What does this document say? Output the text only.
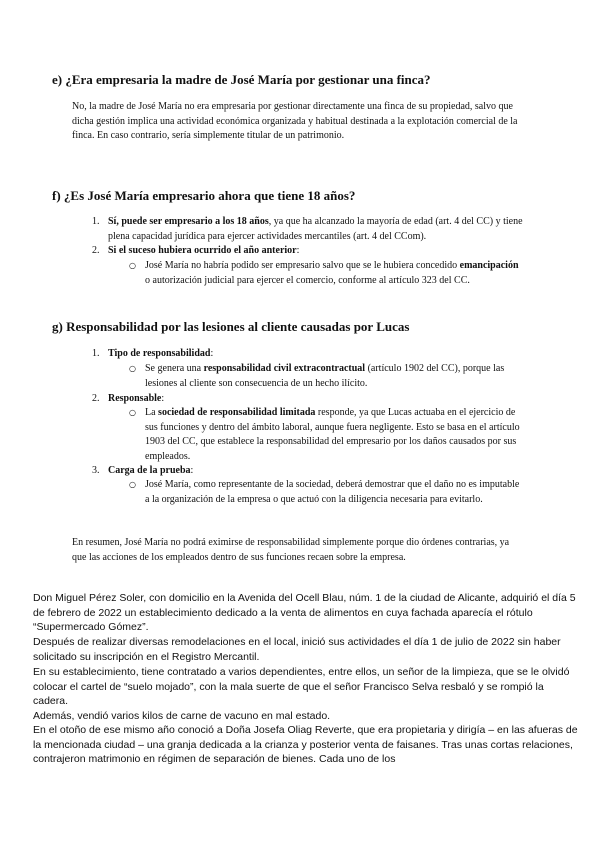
e) ¿Era empresaria la madre de José María por gestionar una finca?

No, la madre de José María no era empresaria por gestionar directamente una finca de su propiedad, salvo que dicha gestión implica una actividad económica organizada y habitual destinada a la explotación comercial de la finca. En caso contrario, sería simplemente titular de un patrimonio.

f) ¿Es José María empresario ahora que tiene 18 años?
1. Sí, puede ser empresario a los 18 años, ya que ha alcanzado la mayoría de edad (art. 4 del CC) y tiene plena capacidad jurídica para ejercer actividades mercantiles (art. 4 del CCom).

2. Si el suceso hubiera ocurrido el año anterior:

○ José María no habría podido ser empresario salvo que se le hubiera concedido emancipación o autorización judicial para ejercer el comercio, conforme al artículo 323 del CC.

g) Responsabilidad por las lesiones al cliente causadas por Lucas
1. Tipo de responsabilidad:

○ Se genera una responsabilidad civil extracontractual (artículo 1902 del CC), porque las lesiones al cliente son consecuencia de un hecho ilícito.

2. Responsable:

○ La sociedad de responsabilidad limitada responde, ya que Lucas actuaba en el ejercicio de sus funciones y dentro del ámbito laboral, aunque fuera negligente. Esto se basa en el artículo 1903 del CC, que establece la responsabilidad del empresario por los daños causados por sus empleados.

3. Carga de la prueba:

○ José María, como representante de la sociedad, deberá demostrar que el daño no es imputable a la organización de la empresa o que actuó con la diligencia necesaria para evitarlo.

En resumen, José María no podrá eximirse de responsabilidad simplemente porque dio órdenes contrarias, ya que las acciones de los empleados dentro de sus funciones recaen sobre la empresa.

Don Miguel Pérez Soler, con domicilio en la Avenida del Ocell Blau, núm. 1 de la ciudad de Alicante, adquirió el día 5 de febrero de 2022 un establecimiento dedicado a la venta de alimentos en cuya fachada aparecía el rótulo “Supermercado Gómez”.

Después de realizar diversas remodelaciones en el local, inició sus actividades el día 1 de julio de 2022 sin haber solicitado su inscripción en el Registro Mercantil.

En su establecimiento, tiene contratado a varios dependientes, entre ellos, un señor de la limpieza, que se le olvidó colocar el cartel de “suelo mojado”, con la mala suerte de que el señor Francisco Selva resbaló y se rompió la cadera.

Además, vendió varios kilos de carne de vacuno en mal estado.

En el otoño de ese mismo año conoció a Doña Josefa Oliag Reverte, que era propietaria y dirigía – en las afueras de la mencionada ciudad – una granja dedicada a la crianza y posterior venta de faisanes. Tras unas cortas relaciones, contrajeron matrimonio en régimen de separación de bienes. Cada uno de los
